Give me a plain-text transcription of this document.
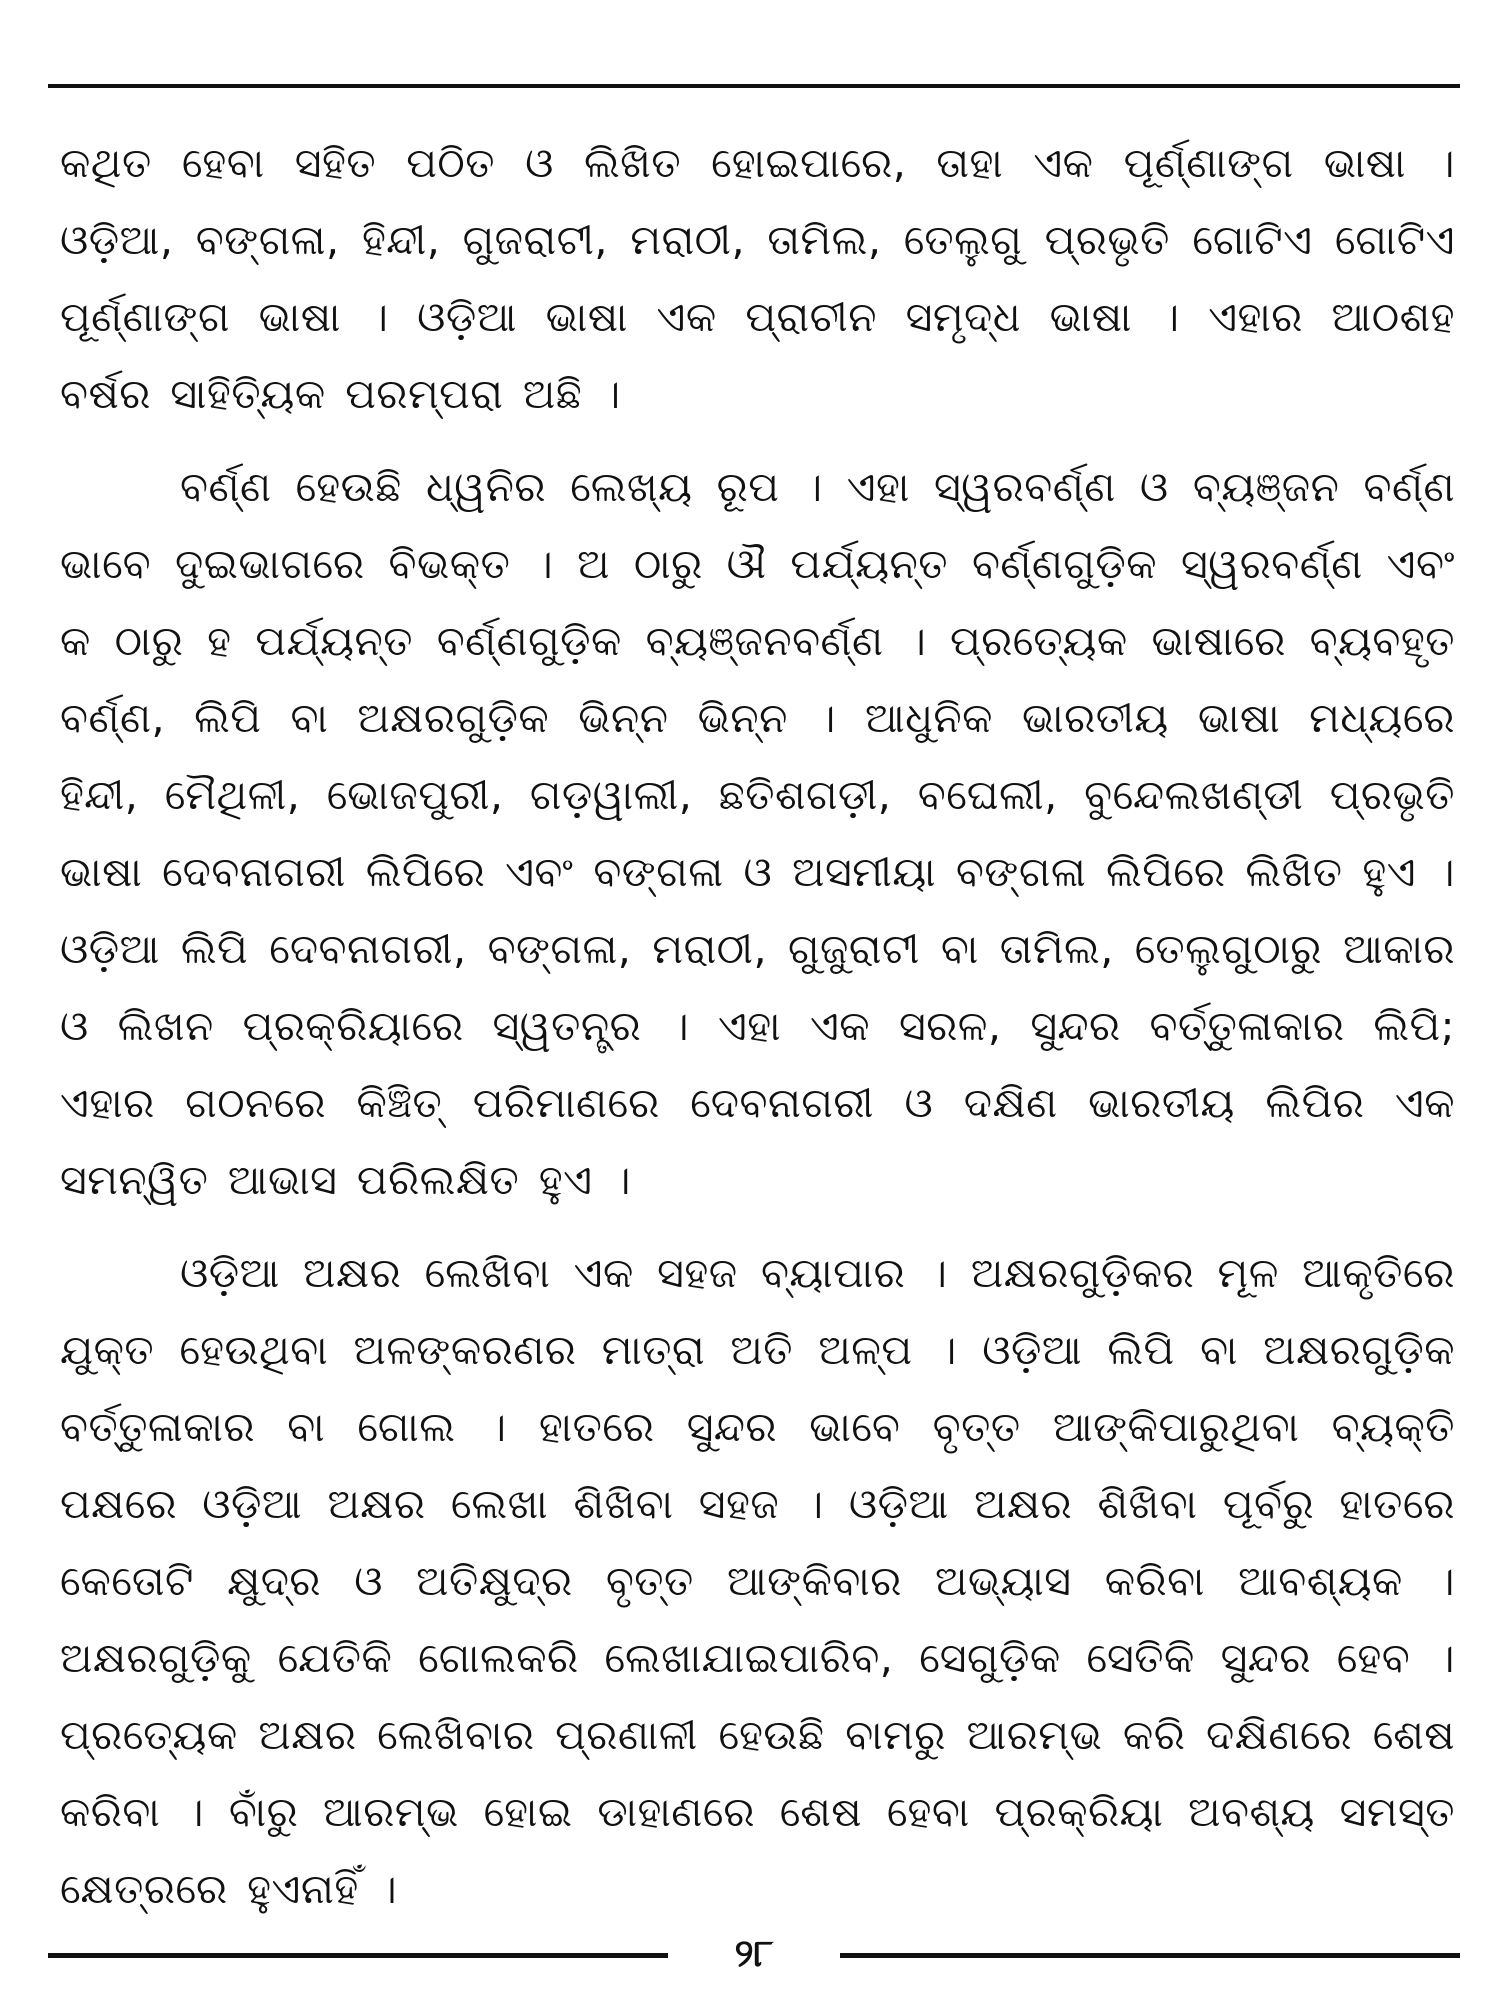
କଥିତ ହେବା ସହିତ ପଠିତ ଓ ଲିଖିତ ହୋଇପାରେ, ତାହା ଏକ ପୂର୍ଣ୍ଣାଙ୍ଗ ଭାଷା । ଓଡ଼ିଆ, ବଙ୍ଗଳା, ହିନ୍ଦୀ, ଗୁଜରାଟୀ, ମରାଠୀ, ତାମିଲ, ତେଲୁଗୁ ପ୍ରଭୃତି ଗୋଟିଏ ଗୋଟିଏ ପୂର୍ଣ୍ଣାଙ୍ଗ ଭାଷା । ଓଡ଼ିଆ ଭାଷା ଏକ ପ୍ରାଚୀନ ସମୃଦ୍ଧ ଭାଷା । ଏହାର ଆଠଶହ ବର୍ଷର ସାହିତ୍ୟିକ ପରମ୍ପରା ଅଛି ।

ବର୍ଣ୍ଣ ହେଉଛି ଧ୍ୱନିର ଲେଖ୍ୟ ରୂପ । ଏହା ସ୍ୱରବର୍ଣ୍ଣ ଓ ବ୍ୟଞ୍ଜନ ବର୍ଣ୍ଣ ଭାବେ ଦୁଇଭାଗରେ ବିଭକ୍ତ । ଅ ଠାରୁ ଔ ପର୍ଯ୍ୟନ୍ତ ବର୍ଣ୍ଣଗୁଡ଼ିକ ସ୍ୱରବର୍ଣ୍ଣ ଏବଂ କ ଠାରୁ ହ ପର୍ଯ୍ୟନ୍ତ ବର୍ଣ୍ଣଗୁଡ଼ିକ ବ୍ୟଞ୍ଜନବର୍ଣ୍ଣ । ପ୍ରତ୍ୟେକ ଭାଷାରେ ବ୍ୟବହୃତ ବର୍ଣ୍ଣ, ଲିପି ବା ଅକ୍ଷରଗୁଡ଼ିକ ଭିନ୍ନ ଭିନ୍ନ । ଆଧୁନିକ ଭାରତୀୟ ଭାଷା ମଧ୍ୟରେ ହିନ୍ଦୀ, ମୈଥିଳୀ, ଭୋଜପୁରୀ, ଗଡ଼ୱାଲୀ, ଛତିଶଗଡ଼ୀ, ବଘେଲୀ, ବୁନ୍ଦେଲଖଣ୍ଡୀ ପ୍ରଭୃତି ଭାଷା ଦେବନାଗରୀ ଲିପିରେ ଏବଂ ବଙ୍ଗଳା ଓ ଅସମୀୟା ବଙ୍ଗଳା ଲିପିରେ ଲିଖିତ ହୁଏ । ଓଡ଼ିଆ ଲିପି ଦେବନାଗରୀ, ବଙ୍ଗଳା, ମରାଠୀ, ଗୁଜୁରାଟୀ ବା ତାମିଲ, ତେଲୁଗୁଠାରୁ ଆକାର ଓ ଲିଖନ ପ୍ରକ୍ରିୟାରେ ସ୍ୱତନ୍ତ୍ର । ଏହା ଏକ ସରଳ, ସୁନ୍ଦର ବର୍ତ୍ତୁଳାକାର ଲିପି; ଏହାର ଗଠନରେ କିଞ୍ଚିତ୍ ପରିମାଣରେ ଦେବନାଗରୀ ଓ ଦକ୍ଷିଣ ଭାରତୀୟ ଲିପିର ଏକ ସମନ୍ୱିତ ଆଭାସ ପରିଲକ୍ଷିତ ହୁଏ ।

ଓଡ଼ିଆ ଅକ୍ଷର ଲେଖିବା ଏକ ସହଜ ବ୍ୟାପାର । ଅକ୍ଷରଗୁଡ଼ିକର ମୂଳ ଆକୃତିରେ ଯୁକ୍ତ ହେଉଥିବା ଅଳଙ୍କରଣର ମାତ୍ରା ଅତି ଅଳ୍ପ । ଓଡ଼ିଆ ଲିପି ବା ଅକ୍ଷରଗୁଡ଼ିକ ବର୍ତ୍ତୁଳାକାର ବା ଗୋଲ । ହାତରେ ସୁନ୍ଦର ଭାବେ ବୃତ୍ତ ଆଙ୍କିପାରୁଥିବା ବ୍ୟକ୍ତି ପକ୍ଷରେ ଓଡ଼ିଆ ଅକ୍ଷର ଲେଖା ଶିଖିବା ସହଜ । ଓଡ଼ିଆ ଅକ୍ଷର ଶିଖିବା ପୂର୍ବରୁ ହାତରେ କେତୋଟି କ୍ଷୁଦ୍ର ଓ ଅତିକ୍ଷୁଦ୍ର ବୃତ୍ତ ଆଙ୍କିବାର ଅଭ୍ୟାସ କରିବା ଆବଶ୍ୟକ । ଅକ୍ଷରଗୁଡ଼ିକୁ ଯେତିକି ଗୋଲକରି ଲେଖାଯାଇପାରିବ, ସେଗୁଡ଼ିକ ସେତିକି ସୁନ୍ଦର ହେବ । ପ୍ରତ୍ୟେକ ଅକ୍ଷର ଲେଖିବାର ପ୍ରଣାଳୀ ହେଉଛି ବାମରୁ ଆରମ୍ଭ କରି ଦକ୍ଷିଣରେ ଶେଷ କରିବା । ବାଁରୁ ଆରମ୍ଭ ହୋଇ ଡାହାଣରେ ଶେଷ ହେବା ପ୍ରକ୍ରିୟା ଅବଶ୍ୟ ସମସ୍ତ କ୍ଷେତ୍ରରେ ହୁଏନାହିଁ ।

୨୮
